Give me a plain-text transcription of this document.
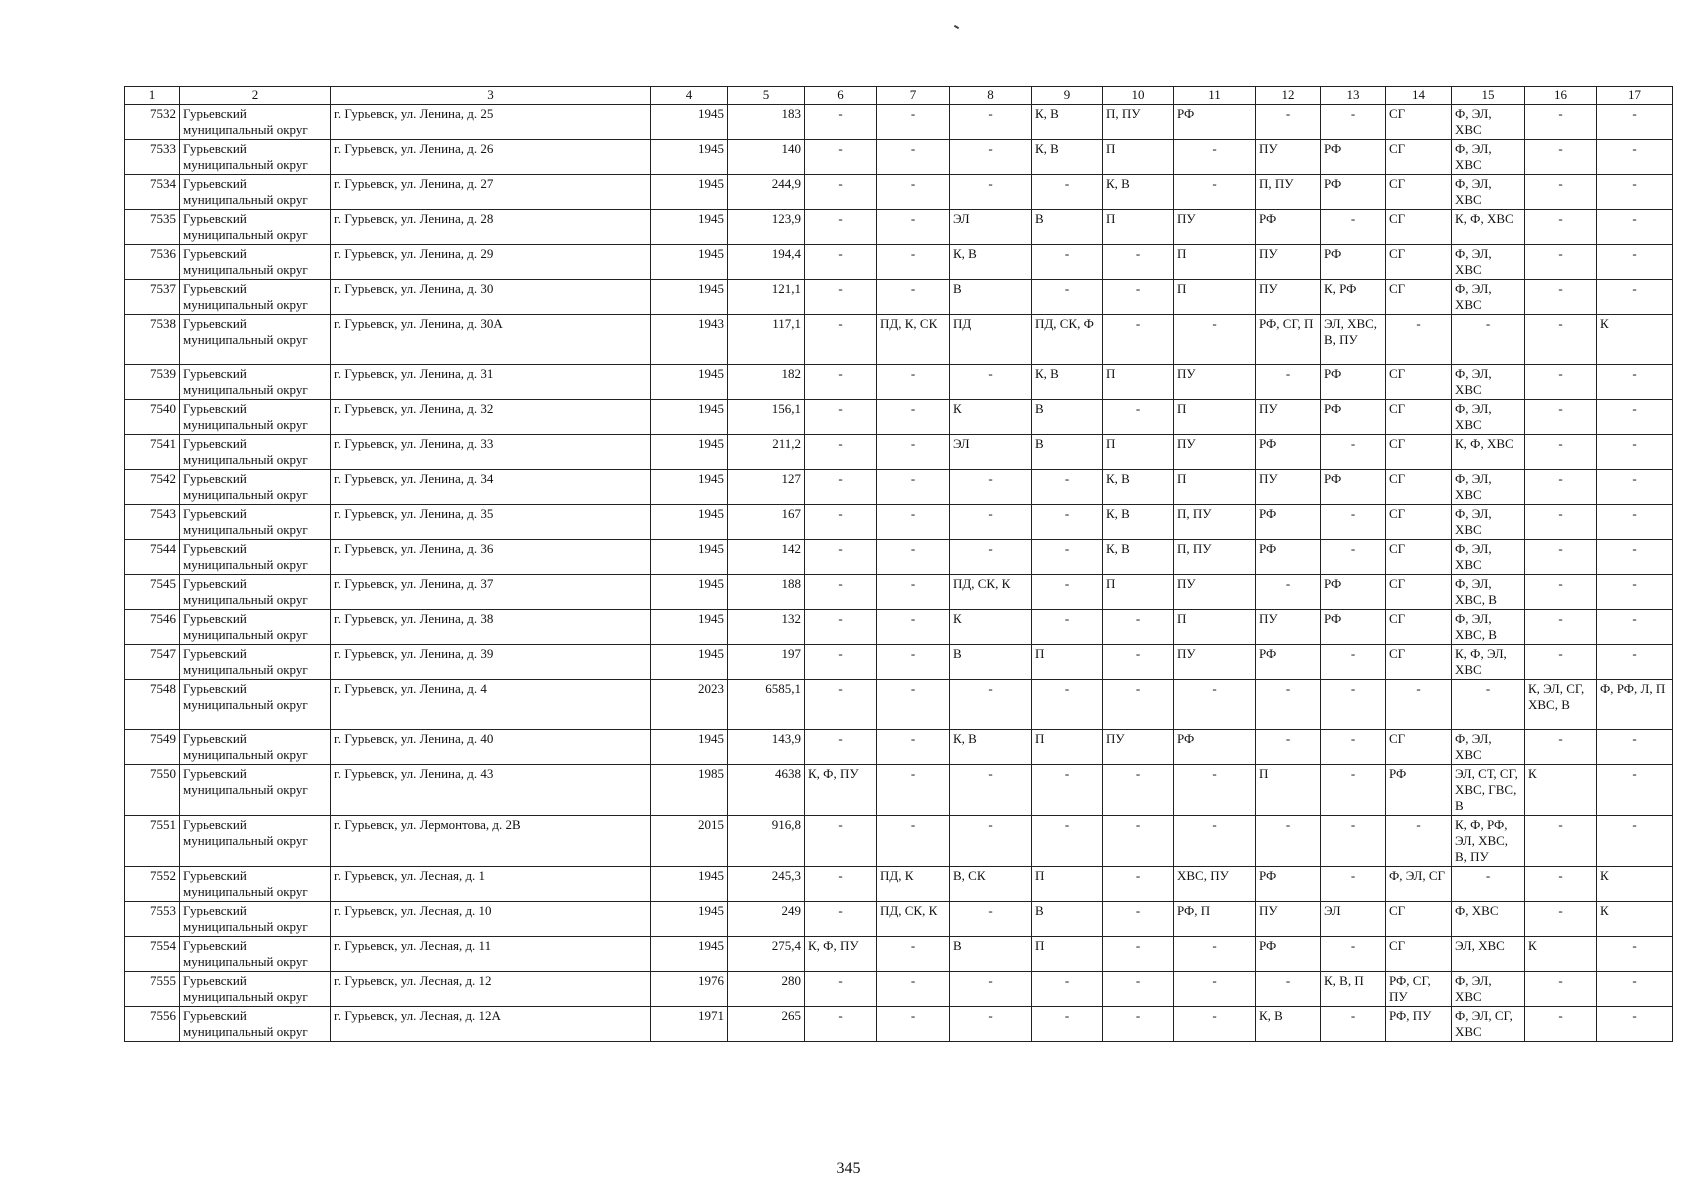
1	2	3	4	5	6	7	8	9	10	11	12	13	14	15	16	17
7532	Гурьевский муниципальный округ	г. Гурьевск, ул. Ленина, д. 25	1945	183	-	-	-	К, В	П, ПУ	РФ	-	-	СГ	Ф, ЭЛ, ХВС	-	-
7533	Гурьевский муниципальный округ	г. Гурьевск, ул. Ленина, д. 26	1945	140	-	-	-	К, В	П	-	ПУ	РФ	СГ	Ф, ЭЛ, ХВС	-	-
7534	Гурьевский муниципальный округ	г. Гурьевск, ул. Ленина, д. 27	1945	244,9	-	-	-	-	К, В	-	П, ПУ	РФ	СГ	Ф, ЭЛ, ХВС	-	-
7535	Гурьевский муниципальный округ	г. Гурьевск, ул. Ленина, д. 28	1945	123,9	-	-	ЭЛ	В	П	ПУ	РФ	-	СГ	К, Ф, ХВС	-	-
7536	Гурьевский муниципальный округ	г. Гурьевск, ул. Ленина, д. 29	1945	194,4	-	-	К, В	-	-	П	ПУ	РФ	СГ	Ф, ЭЛ, ХВС	-	-
7537	Гурьевский муниципальный округ	г. Гурьевск, ул. Ленина, д. 30	1945	121,1	-	-	В	-	-	П	ПУ	К, РФ	СГ	Ф, ЭЛ, ХВС	-	-
7538	Гурьевский муниципальный округ	г. Гурьевск, ул. Ленина, д. 30А	1943	117,1	-	ПД, К, СК	ПД	ПД, СК, Ф	-	-	РФ, СГ, П	ЭЛ, ХВС, В, ПУ	-	-	-	К
7539	Гурьевский муниципальный округ	г. Гурьевск, ул. Ленина, д. 31	1945	182	-	-	-	К, В	П	ПУ	-	РФ	СГ	Ф, ЭЛ, ХВС	-	-
7540	Гурьевский муниципальный округ	г. Гурьевск, ул. Ленина, д. 32	1945	156,1	-	-	К	В	-	П	ПУ	РФ	СГ	Ф, ЭЛ, ХВС	-	-
7541	Гурьевский муниципальный округ	г. Гурьевск, ул. Ленина, д. 33	1945	211,2	-	-	ЭЛ	В	П	ПУ	РФ	-	СГ	К, Ф, ХВС	-	-
7542	Гурьевский муниципальный округ	г. Гурьевск, ул. Ленина, д. 34	1945	127	-	-	-	-	К, В	П	ПУ	РФ	СГ	Ф, ЭЛ, ХВС	-	-
7543	Гурьевский муниципальный округ	г. Гурьевск, ул. Ленина, д. 35	1945	167	-	-	-	-	К, В	П, ПУ	РФ	-	СГ	Ф, ЭЛ, ХВС	-	-
7544	Гурьевский муниципальный округ	г. Гурьевск, ул. Ленина, д. 36	1945	142	-	-	-	-	К, В	П, ПУ	РФ	-	СГ	Ф, ЭЛ, ХВС	-	-
7545	Гурьевский муниципальный округ	г. Гурьевск, ул. Ленина, д. 37	1945	188	-	-	ПД, СК, К	-	П	ПУ	-	РФ	СГ	Ф, ЭЛ, ХВС, В	-	-
7546	Гурьевский муниципальный округ	г. Гурьевск, ул. Ленина, д. 38	1945	132	-	-	К	-	-	П	ПУ	РФ	СГ	Ф, ЭЛ, ХВС, В	-	-
7547	Гурьевский муниципальный округ	г. Гурьевск, ул. Ленина, д. 39	1945	197	-	-	В	П	-	ПУ	РФ	-	СГ	К, Ф, ЭЛ, ХВС	-	-
7548	Гурьевский муниципальный округ	г. Гурьевск, ул. Ленина, д. 4	2023	6585,1	-	-	-	-	-	-	-	-	-	-	К, ЭЛ, СГ, ХВС, В	Ф, РФ, Л, П
7549	Гурьевский муниципальный округ	г. Гурьевск, ул. Ленина, д. 40	1945	143,9	-	-	К, В	П	ПУ	РФ	-	-	СГ	Ф, ЭЛ, ХВС	-	-
7550	Гурьевский муниципальный округ	г. Гурьевск, ул. Ленина, д. 43	1985	4638	К, Ф, ПУ	-	-	-	-	-	П	-	РФ	ЭЛ, СТ, СГ, ХВС, ГВС, В	К	-
7551	Гурьевский муниципальный округ	г. Гурьевск, ул. Лермонтова, д. 2В	2015	916,8	-	-	-	-	-	-	-	-	-	К, Ф, РФ, ЭЛ, ХВС, В, ПУ	-	-
7552	Гурьевский муниципальный округ	г. Гурьевск, ул. Лесная, д. 1	1945	245,3	-	ПД, К	В, СК	П	-	ХВС, ПУ	РФ	-	Ф, ЭЛ, СГ	-	-	К
7553	Гурьевский муниципальный округ	г. Гурьевск, ул. Лесная, д. 10	1945	249	-	ПД, СК, К	-	В	-	РФ, П	ПУ	ЭЛ	СГ	Ф, ХВС	-	К
7554	Гурьевский муниципальный округ	г. Гурьевск, ул. Лесная, д. 11	1945	275,4	К, Ф, ПУ	-	В	П	-	-	РФ	-	СГ	ЭЛ, ХВС	К	-
7555	Гурьевский муниципальный округ	г. Гурьевск, ул. Лесная, д. 12	1976	280	-	-	-	-	-	-	-	К, В, П	РФ, СГ, ПУ	Ф, ЭЛ, ХВС	-	-
7556	Гурьевский муниципальный округ	г. Гурьевск, ул. Лесная, д. 12А	1971	265	-	-	-	-	-	-	К, В	-	РФ, ПУ	Ф, ЭЛ, СГ, ХВС	-	-
345
